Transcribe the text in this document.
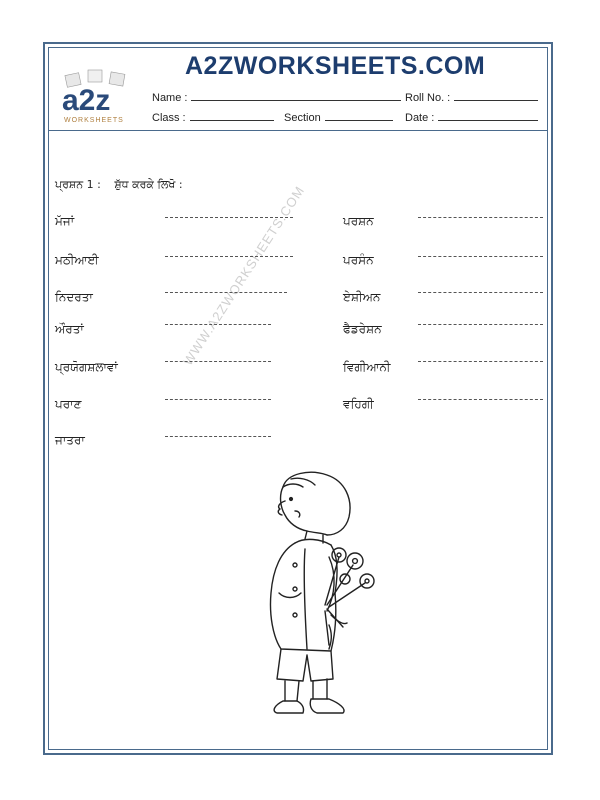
a2z
WORKSHEETS
A2ZWORKSHEETS.COM
Name :	Roll No. :
Class :	Section	Date :
ਪ੍ਰਸ਼ਨ 1 : ਸ਼ੁੱਧ ਕਰਕੇ ਲਿਖੋ :
WWW.A2ZWORKSHEETS.COM
ਮੱਜਾਂ
ਮਠੀਆਈ
ਨਿਦਰਤਾ
ਔਰਤਾਂ
ਪ੍ਰਯੋਗਸ਼ਲਾਵਾਂ
ਪਰਾਣ
ਜਾਤਰਾ
ਪਰਸ਼ਨ
ਪਰਸੰਨ
ਏਸ਼ੀਅਨ
ਫੈਡਰੇਸ਼ਨ
ਵਿਗੀਆਨੀ
ਵਹਿਗੀ
